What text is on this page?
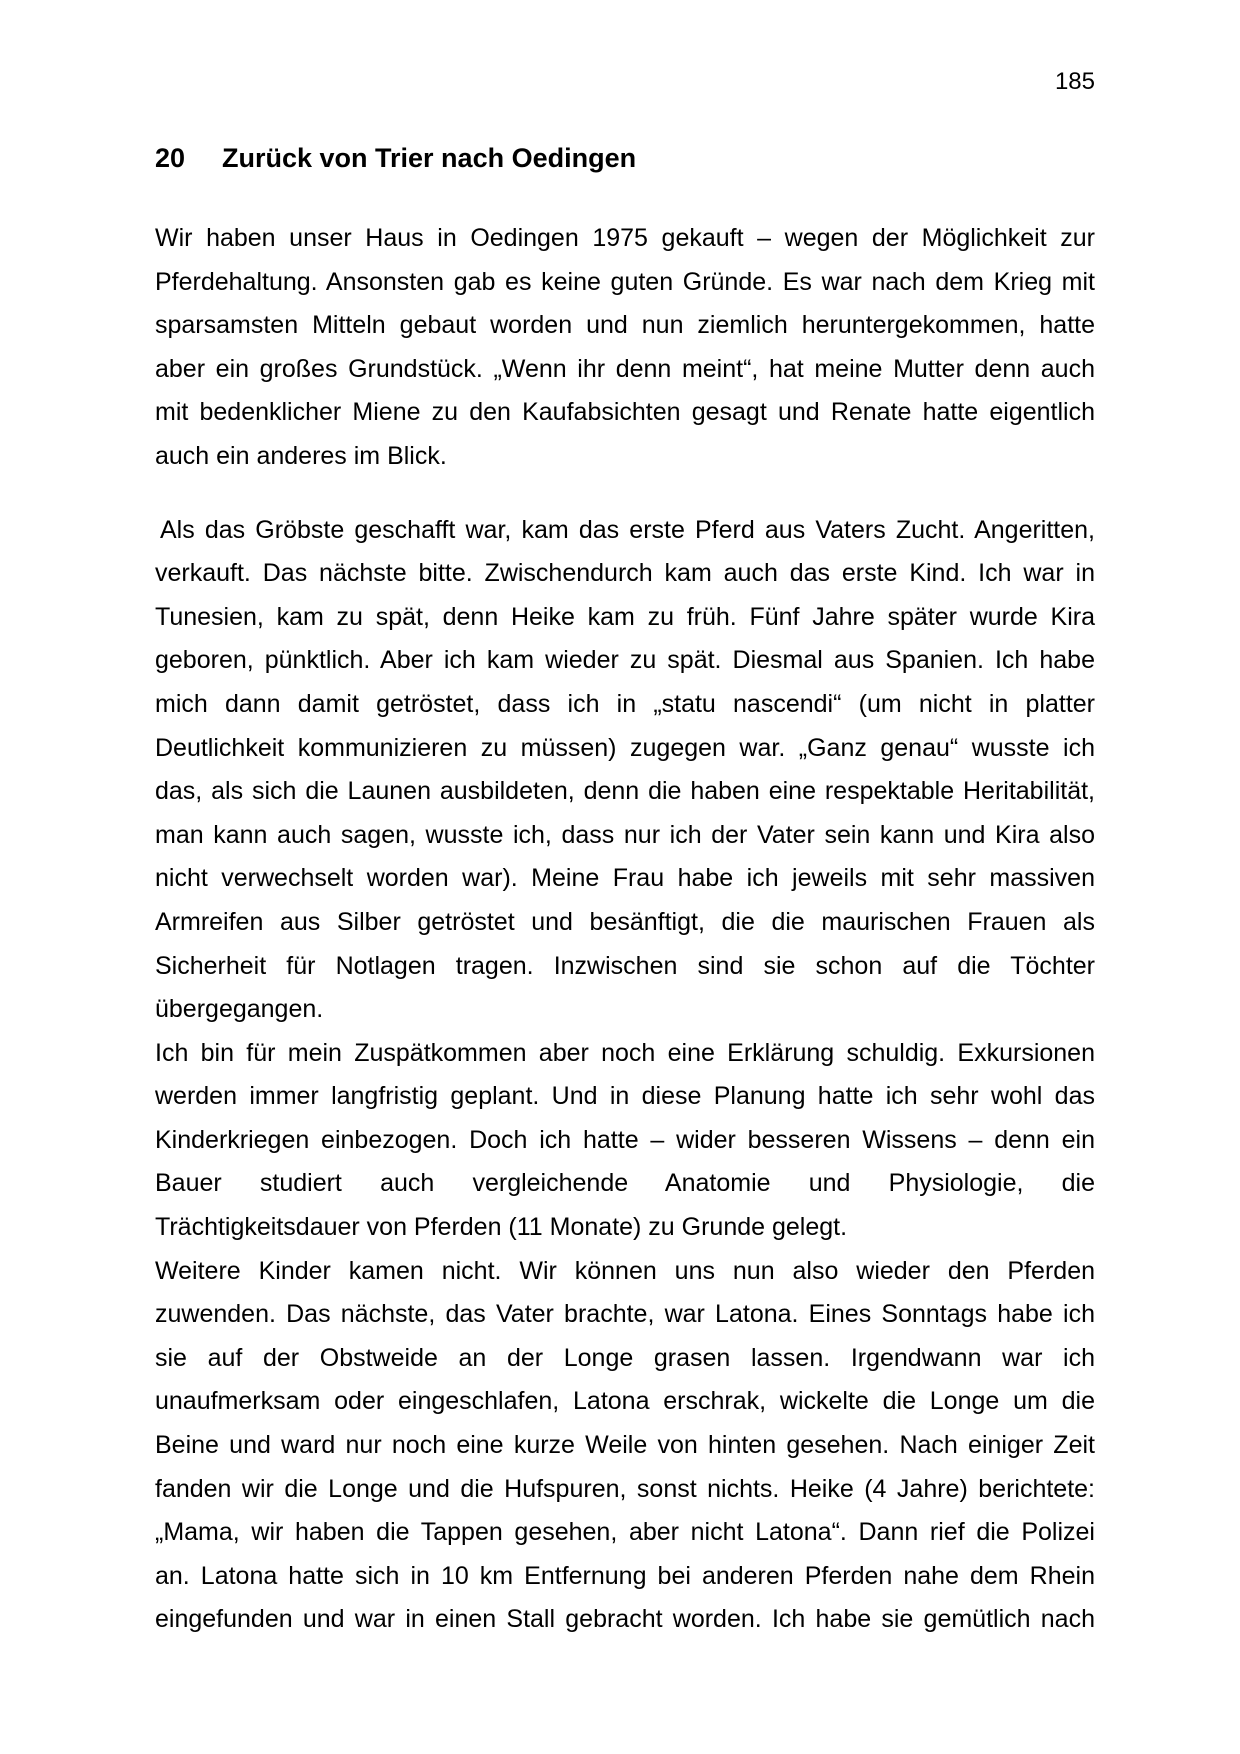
185
20 Zurück von Trier nach Oedingen
Wir haben unser Haus in Oedingen 1975 gekauft – wegen der Möglichkeit zur
Pferdehaltung. Ansonsten gab es keine guten Gründe. Es war nach dem Krieg mit
sparsamsten Mitteln gebaut worden und nun ziemlich heruntergekommen, hatte
aber ein großes Grundstück. „Wenn ihr denn meint“, hat meine Mutter denn auch
mit bedenklicher Miene zu den Kaufabsichten gesagt und Renate hatte eigentlich
auch ein anderes im Blick.
Als das Gröbste geschafft war, kam das erste Pferd aus Vaters Zucht. Angeritten,
verkauft. Das nächste bitte. Zwischendurch kam auch das erste Kind. Ich war in
Tunesien, kam zu spät, denn Heike kam zu früh. Fünf Jahre später wurde Kira
geboren, pünktlich. Aber ich kam wieder zu spät. Diesmal aus Spanien. Ich habe
mich dann damit getröstet, dass ich in „statu nascendi“ (um nicht in platter
Deutlichkeit kommunizieren zu müssen) zugegen war. „Ganz genau“ wusste ich
das, als sich die Launen ausbildeten, denn die haben eine respektable Heritabilität,
man kann auch sagen, wusste ich, dass nur ich der Vater sein kann und Kira also
nicht verwechselt worden war). Meine Frau habe ich jeweils mit sehr massiven
Armreifen aus Silber getröstet und besänftigt, die die maurischen Frauen als
Sicherheit für Notlagen tragen. Inzwischen sind sie schon auf die Töchter
übergegangen.
Ich bin für mein Zuspätkommen aber noch eine Erklärung schuldig. Exkursionen
werden immer langfristig geplant. Und in diese Planung hatte ich sehr wohl das
Kinderkriegen einbezogen. Doch ich hatte – wider besseren Wissens – denn ein
Bauer studiert auch vergleichende Anatomie und Physiologie, die
Trächtigkeitsdauer von Pferden (11 Monate) zu Grunde gelegt.
Weitere Kinder kamen nicht. Wir können uns nun also wieder den Pferden
zuwenden. Das nächste, das Vater brachte, war Latona. Eines Sonntags habe ich
sie auf der Obstweide an der Longe grasen lassen. Irgendwann war ich
unaufmerksam oder eingeschlafen, Latona erschrak, wickelte die Longe um die
Beine und ward nur noch eine kurze Weile von hinten gesehen. Nach einiger Zeit
fanden wir die Longe und die Hufspuren, sonst nichts. Heike (4 Jahre) berichtete:
„Mama, wir haben die Tappen gesehen, aber nicht Latona“. Dann rief die Polizei
an. Latona hatte sich in 10 km Entfernung bei anderen Pferden nahe dem Rhein
eingefunden und war in einen Stall gebracht worden. Ich habe sie gemütlich nach
